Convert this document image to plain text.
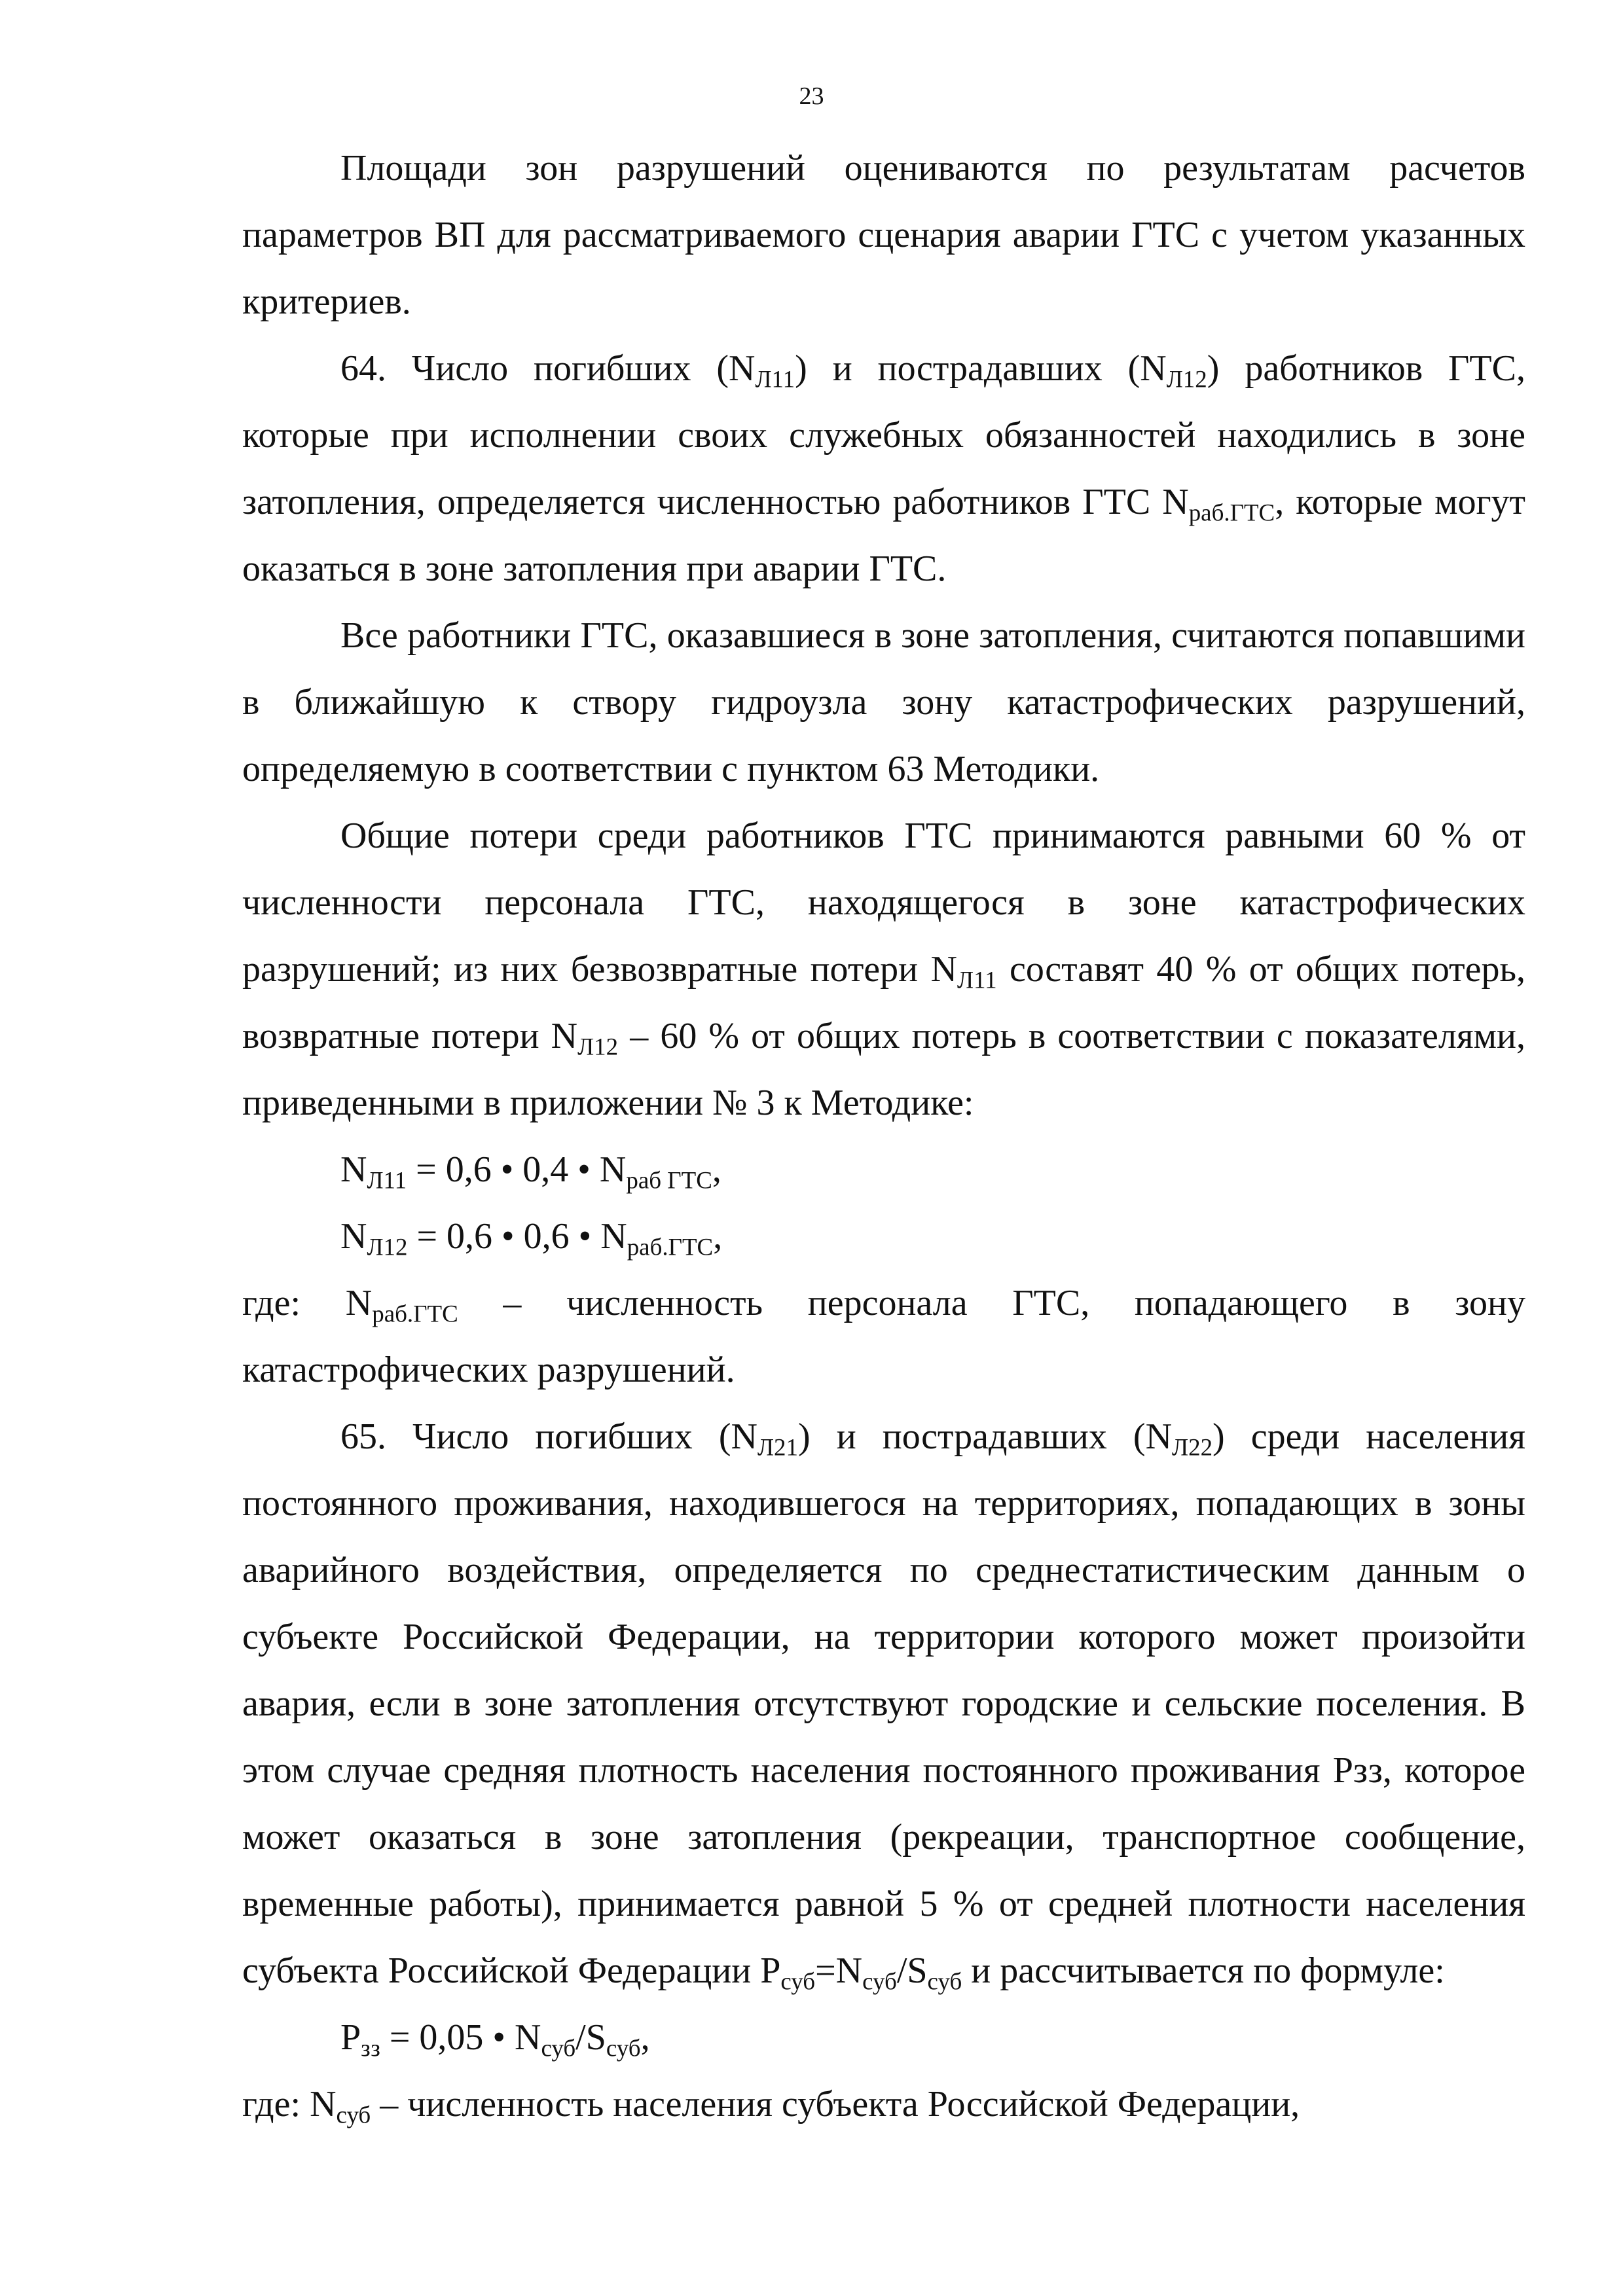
23

Площади зон разрушений оцениваются по результатам расчетов параметров ВП для рассматриваемого сценария аварии ГТС с учетом указанных критериев.

64. Число погибших $(N_{Л11})$ и пострадавших $(N_{Л12})$ работников ГТС, которые при исполнении своих служебных обязанностей находились в зоне затопления, определяется численностью работников ГТС $N_{раб.ГТС}$, которые могут оказаться в зоне затопления при аварии ГТС.

Все работники ГТС, оказавшиеся в зоне затопления, считаются попавшими в ближайшую к створу гидроузла зону катастрофических разрушений, определяемую в соответствии с пунктом 63 Методики.

Общие потери среди работников ГТС принимаются равными 60 % от численности персонала ГТС, находящегося в зоне катастрофических разрушений; из них безвозвратные потери $N_{Л11}$ составят 40 % от общих потерь, возвратные потери $N_{Л12} - 60$ % от общих потерь в соответствии с показателями, приведенными в приложении № 3 к Методике:

$N_{Л11} = 0,6$ • 0,4 • $N_{раб ГТС}$,
$N_{Л12} = 0,6$ • 0,6 • $N_{раб.ГТС}$,

где: $N_{раб.ГТС}$ – численность персонала ГТС, попадающего в зону катастрофических разрушений.

65. Число погибших $(N_{Л21})$ и пострадавших $(N_{Л22})$ среди населения постоянного проживания, находившегося на территориях, попадающих в зоны аварийного воздействия, определяется по среднестатистическим данным о субъекте Российской Федерации, на территории которого может произойти авария, если в зоне затопления отсутствуют городские и сельские поселения. В этом случае средняя плотность населения постоянного проживания Рзз, которое может оказаться в зоне затопления (рекреации, транспортное сообщение, временные работы), принимается равной 5 % от средней плотности населения субъекта Российской Федерации $Р_{суб}=N_{суб}/S_{суб}$ и рассчитывается по формуле:

$Р_{зз} = 0,05$ • $N_{суб}/S_{суб}$,

где: $N_{суб}$ – численность населения субъекта Российской Федерации,
